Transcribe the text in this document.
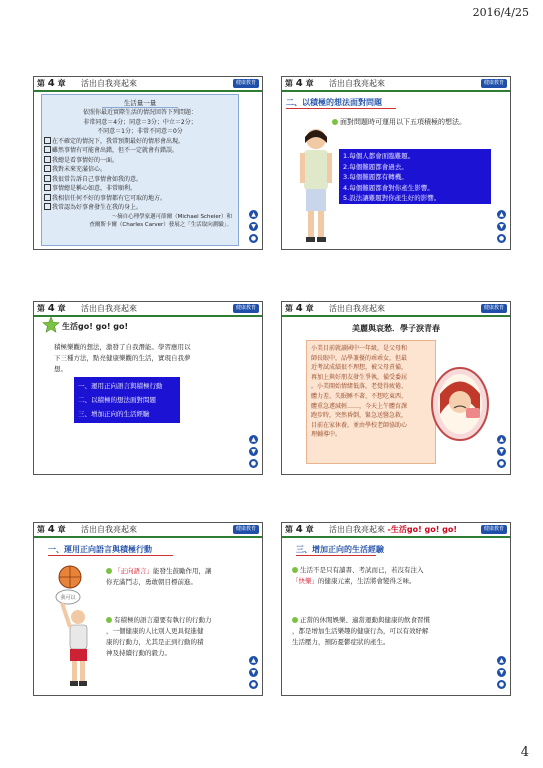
2016/4/25
第 4 章 活出自我亮起來	健康教育
生活量一量
依照你最近實際生活的情況回答下列問題：
非常同意＝4分；同意＝3分；中立＝2分；
不同意＝1分；非常不同意＝0分
在不確定的情況下，我常預期最好的情形會出現。
雖然事情有可能會出錯，但不一定就會有錯誤。
我總是看事情好的一面。
我對未來充滿信心。
我很常告訴自己事情會如我的意。
事情總是稱心如意，非常順利。
我相信任何不好的事情都有它可取的地方。
我常認為好事會發生在我的身上。
～摘自心理學家邁可薛爾（Michael Scheier）和
查爾斯卡爾（Charles Carver）發展之「生活取向測驗」。
▲
▼
●
第 4 章 活出自我亮起來	健康教育
二、以積極的想法面對問題
面對問題時可運用以下五項積極的想法。
1.每個人都會面臨難題。
2.每個難題都會過去。
3.每個難題都有轉機。
4.每個難題都會對你產生影響。
5.設法讓難題對你產生好的影響。
▲
▼
●
第 4 章 活出自我亮起來	健康教育
生活go! go! go!
積極樂觀的想法，激發了自我潛能。學習應用以
下三種方法，點亮健康樂觀的生活，實現自我夢
想。
一、運用正向語言與積極行動
二、以積極的想法面對問題
三、增加正向的生活經驗
▲
▼
●
第 4 章 活出自我亮起來	健康教育
美麗與哀愁．學子淚青春
小美目前就讀國中一年級，是父母和
師長眼中，品學兼優的乖乖女，但最
近考試成績很不理想，被父母責備，
再加上與好朋友發生爭執，備受委屈
。小美開始情緒低落，老覺得疲倦、
體力差、失眠睡不著、不想吃東西、
體重急遽減輕……，今天上午體育課
跑步時，突然昏倒，緊急送醫急救，
目前在家休養，並由學校老師協助心
理輔導中。
▲
▼
●
第 4 章 活出自我亮起來	健康教育
一、運用正向語言與積極行動
我可以
「正向語言」能發生鼓勵作用，讓
你充滿鬥志，勇敢朝目標前進。
有積極的語言還要有執行的行動力
，一個健康的人比別人更具促進健
康的行動力，尤其是正到行動的積
神及持續行動的毅力。
▲
▼
●
第 4 章 活出自我亮起來 -生活go! go! go!	健康教育
三、增加正向的生活經驗
生活不是只有讀書、考試而已，若沒有注入
「快樂」的健康元素，生活將會變得乏味。
正當的休閒娛樂、適當運動與健康的飲食習慣
，都是增加生活樂趣的健康行為，可以有效紓解
生活壓力，預防憂鬱症狀的產生。
▲
▼
●
4
